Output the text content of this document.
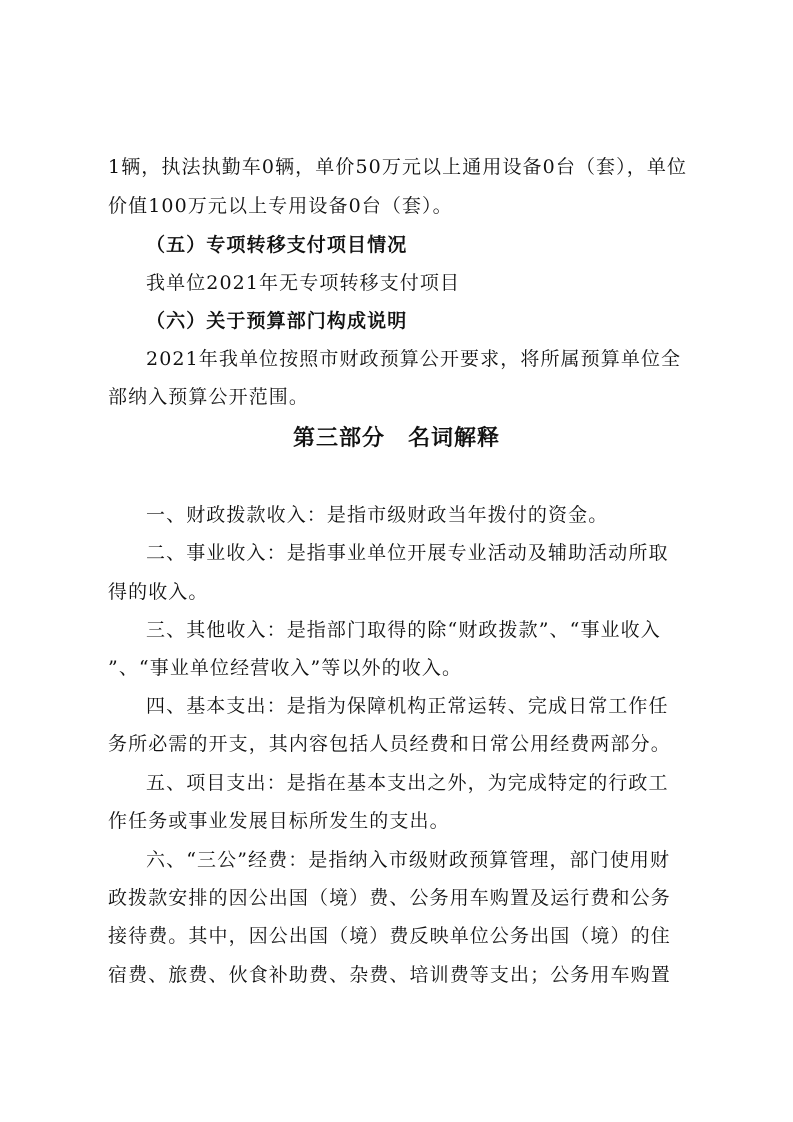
1辆，执法执勤车0辆，单价50万元以上通用设备0台（套），单位
价值100万元以上专用设备0台（套）。
（五）专项转移支付项目情况
我单位2021年无专项转移支付项目
（六）关于预算部门构成说明
2021年我单位按照市财政预算公开要求，将所属预算单位全
部纳入预算公开范围。
第三部分　名词解释
一、财政拨款收入：是指市级财政当年拨付的资金。
二、事业收入：是指事业单位开展专业活动及辅助活动所取
得的收入。
三、其他收入：是指部门取得的除“财政拨款”、“事业收入
”、“事业单位经营收入”等以外的收入。
四、基本支出：是指为保障机构正常运转、完成日常工作任
务所必需的开支，其内容包括人员经费和日常公用经费两部分。
五、项目支出：是指在基本支出之外，为完成特定的行政工
作任务或事业发展目标所发生的支出。
六、“三公”经费：是指纳入市级财政预算管理，部门使用财
政拨款安排的因公出国（境）费、公务用车购置及运行费和公务
接待费。其中，因公出国（境）费反映单位公务出国（境）的住
宿费、旅费、伙食补助费、杂费、培训费等支出；公务用车购置
